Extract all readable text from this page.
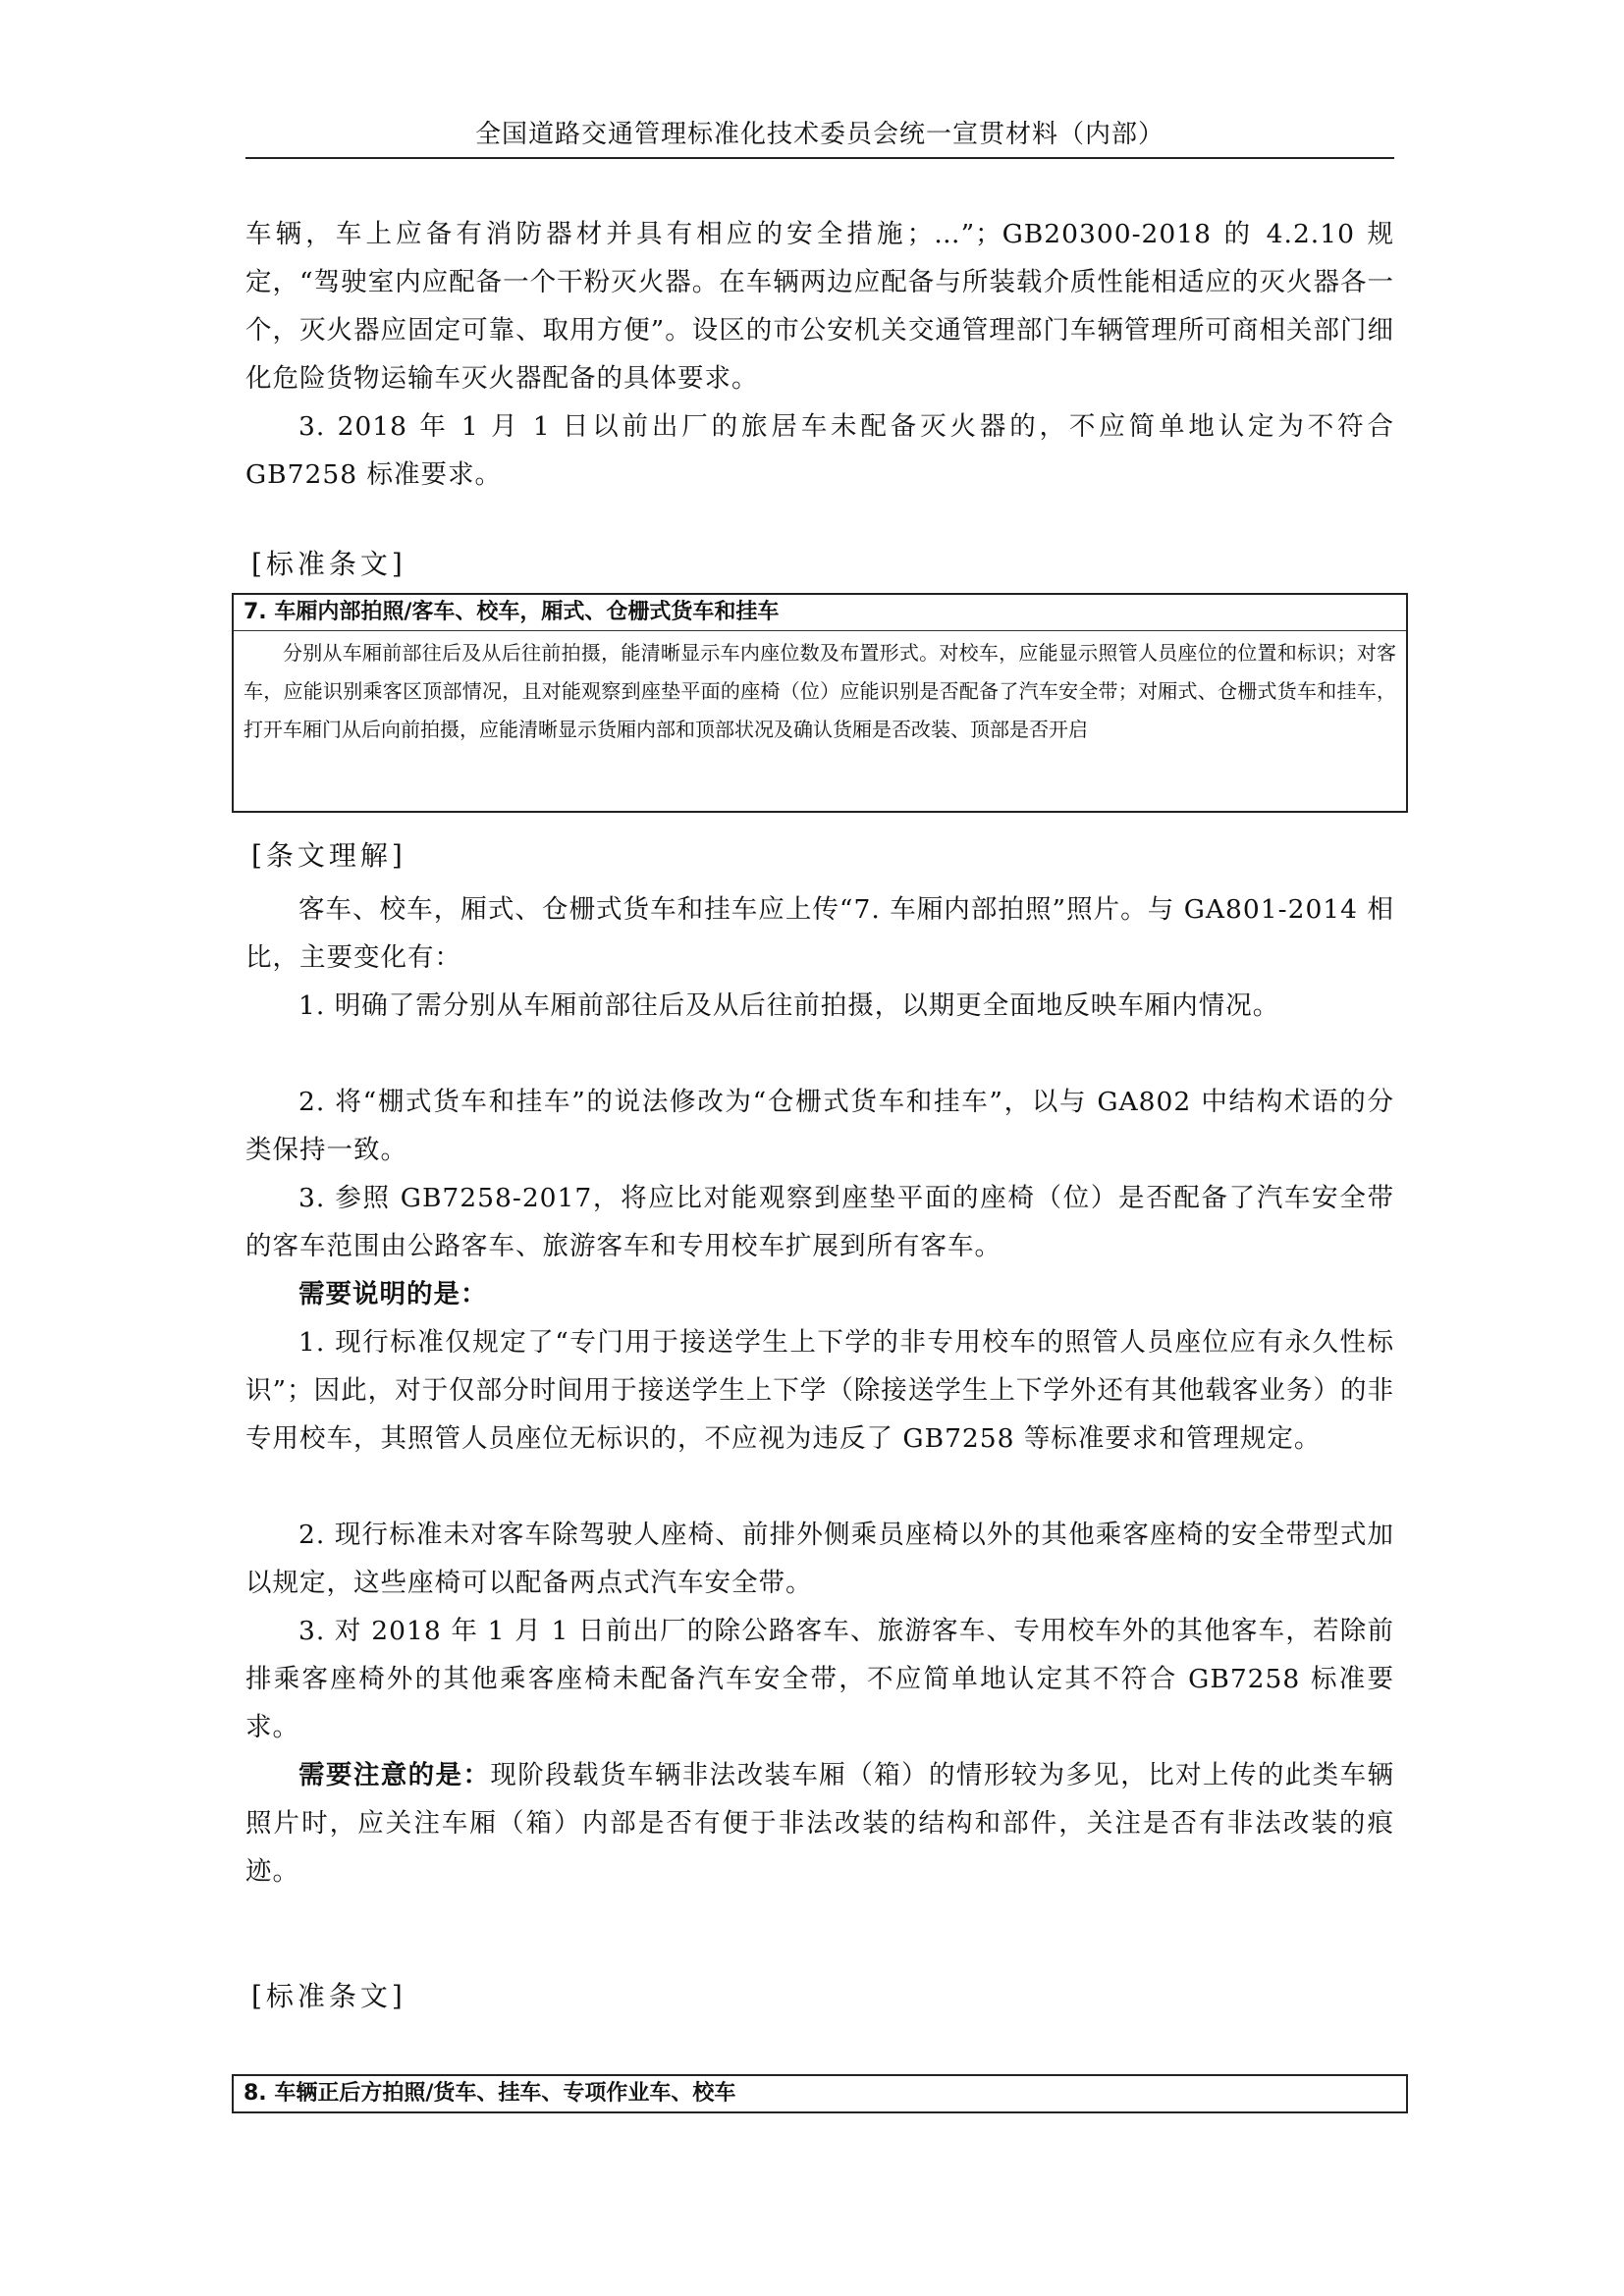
全国道路交通管理标准化技术委员会统一宣贯材料（内部）

车辆，车上应备有消防器材并具有相应的安全措施；…”；GB20300-2018 的 4.2.10 规定，“驾驶室内应配备一个干粉灭火器。在车辆两边应配备与所装载介质性能相适应的灭火器各一个，灭火器应固定可靠、取用方便”。设区的市公安机关交通管理部门车辆管理所可商相关部门细化危险货物运输车灭火器配备的具体要求。

3. 2018 年 1 月 1 日以前出厂的旅居车未配备灭火器的，不应简单地认定为不符合 GB7258 标准要求。

[标准条文]
7. 车厢内部拍照/客车、校车，厢式、仓栅式货车和挂车

分别从车厢前部往后及从后往前拍摄，能清晰显示车内座位数及布置形式。对校车，应能显示照管人员座位的位置和标识；对客车，应能识别乘客区顶部情况，且对能观察到座垫平面的座椅（位）应能识别是否配备了汽车安全带；对厢式、仓栅式货车和挂车，打开车厢门从后向前拍摄，应能清晰显示货厢内部和顶部状况及确认货厢是否改装、顶部是否开启

[条文理解]

客车、校车，厢式、仓栅式货车和挂车应上传“7. 车厢内部拍照”照片。与 GA801-2014 相比，主要变化有：

1. 明确了需分别从车厢前部往后及从后往前拍摄，以期更全面地反映车厢内情况。

2. 将“棚式货车和挂车”的说法修改为“仓栅式货车和挂车”，以与 GA802 中结构术语的分类保持一致。

3. 参照 GB7258-2017，将应比对能观察到座垫平面的座椅（位）是否配备了汽车安全带的客车范围由公路客车、旅游客车和专用校车扩展到所有客车。

需要说明的是：

1. 现行标准仅规定了“专门用于接送学生上下学的非专用校车的照管人员座位应有永久性标识”；因此，对于仅部分时间用于接送学生上下学（除接送学生上下学外还有其他载客业务）的非专用校车，其照管人员座位无标识的，不应视为违反了 GB7258 等标准要求和管理规定。

2. 现行标准未对客车除驾驶人座椅、前排外侧乘员座椅以外的其他乘客座椅的安全带型式加以规定，这些座椅可以配备两点式汽车安全带。

3. 对 2018 年 1 月 1 日前出厂的除公路客车、旅游客车、专用校车外的其他客车，若除前排乘客座椅外的其他乘客座椅未配备汽车安全带，不应简单地认定其不符合 GB7258 标准要求。

需要注意的是：现阶段载货车辆非法改装车厢（箱）的情形较为多见，比对上传的此类车辆照片时，应关注车厢（箱）内部是否有便于非法改装的结构和部件，关注是否有非法改装的痕迹。

[标准条文]
8. 车辆正后方拍照/货车、挂车、专项作业车、校车
